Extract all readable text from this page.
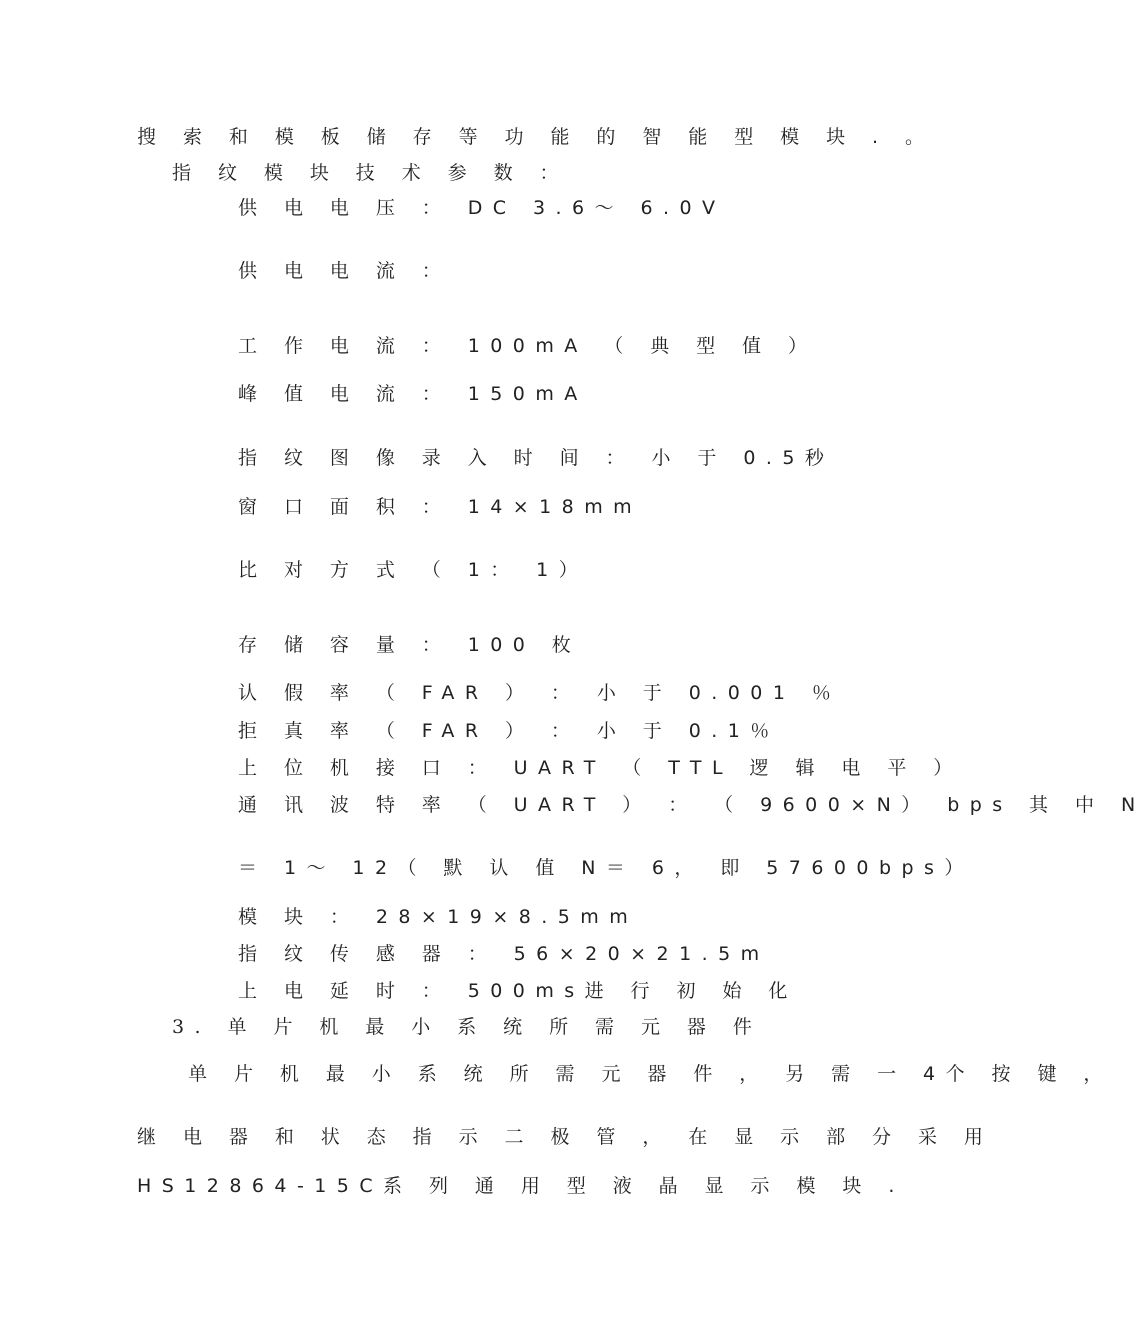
搜 索 和 模 板 储 存 等 功 能 的 智 能 型 模 块 . 。
指 纹 模 块 技 术 参 数 ：
供 电 电 压 ： DC 3.6～ 6.0V
供 电 电 流 ：
工 作 电 流 ： 100mA （ 典 型 值 ）
峰 值 电 流 ： 150mA
指 纹 图 像 录 入 时 间 ： 小 于 0.5秒
窗 口 面 积 ： 14×18mm
比 对 方 式 （ 1： 1）
存 储 容 量 ： 100 枚
认 假 率 （ FAR ） ： 小 于 0.001 ％
拒 真 率 （ FAR ） ： 小 于 0.1％
上 位 机 接 口 ： UART （ TTL 逻 辑 电 平 ）
通 讯 波 特 率 （ UART ） ： （ 9600×N） bps 其 中 N
＝ 1～ 12（ 默 认 值 N＝ 6， 即 57600bps）
模 块 ： 28×19×8.5mm
指 纹 传 感 器 ： 56×20×21.5m
上 电 延 时 ： 500ms进 行 初 始 化
3. 单 片 机 最 小 系 统 所 需 元 器 件
单 片 机 最 小 系 统 所 需 元 器 件 ， 另 需 一 4个 按 键 ，
继 电 器 和 状 态 指 示 二 极 管 ， 在 显 示 部 分 采 用
HS12864-15C系 列 通 用 型 液 晶 显 示 模 块 .
